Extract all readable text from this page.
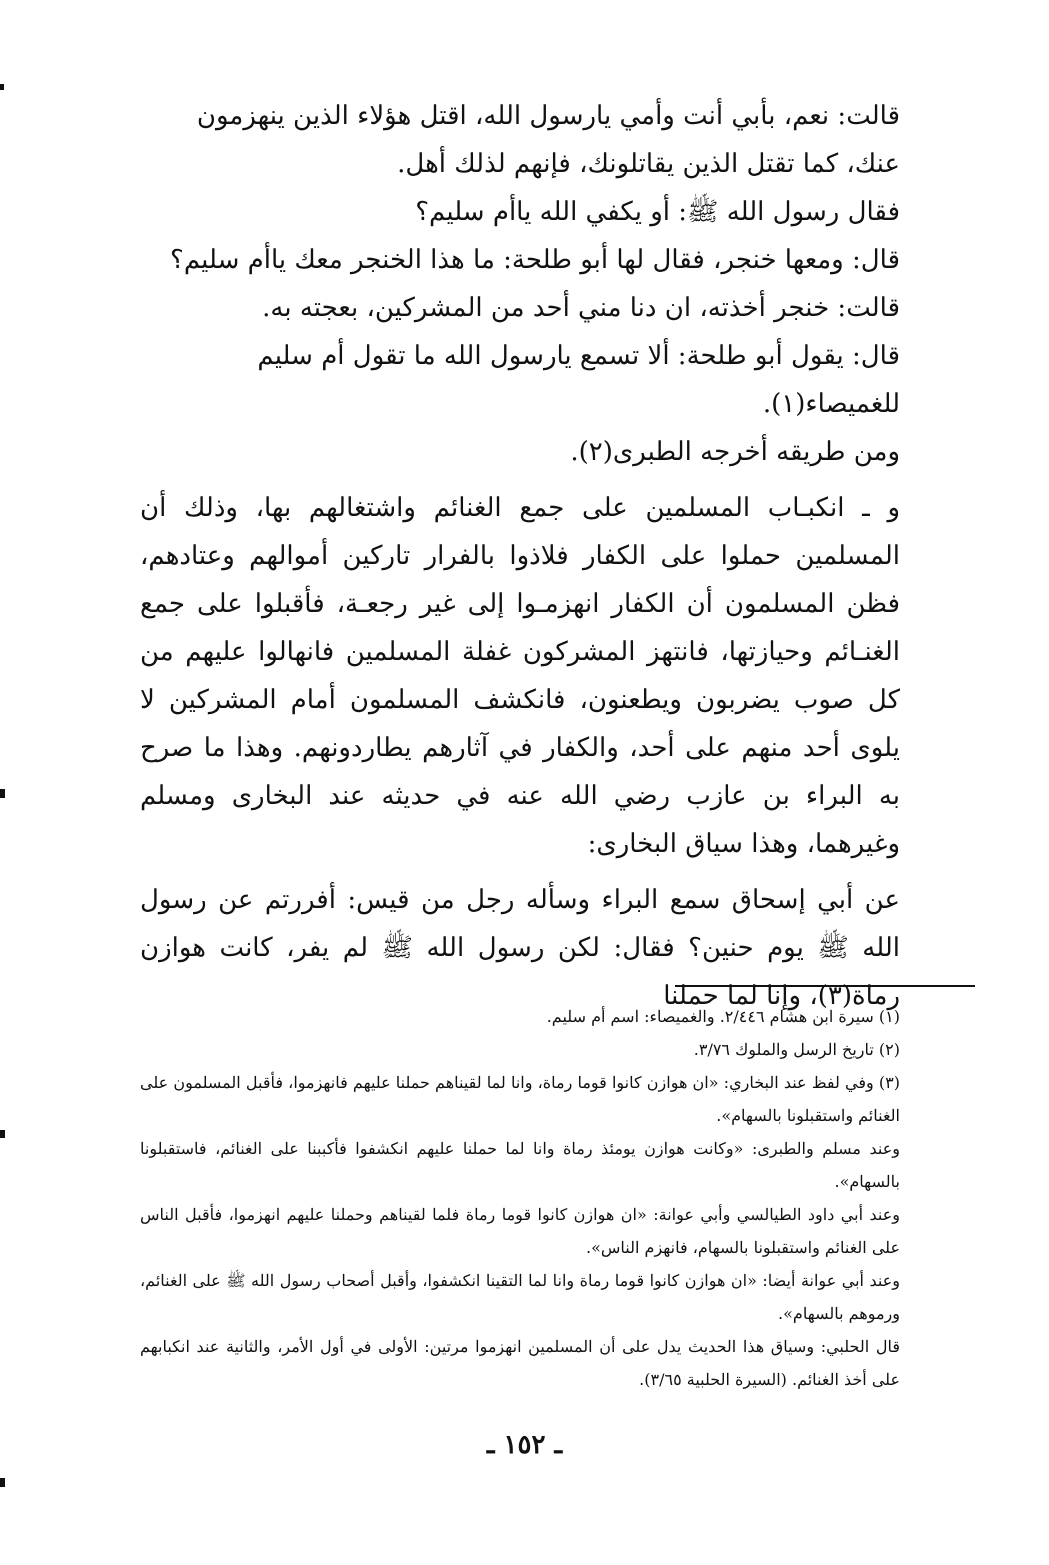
قالت: نعم، بأبي أنت وأمي يارسول الله، اقتل هؤلاء الذين ينهزمون عنك، كما تقتل الذين يقاتلونك، فإنهم لذلك أهل.

فقال رسول الله ﷺ: أو يكفي الله ياأم سليم؟

قال: ومعها خنجر، فقال لها أبو طلحة: ما هذا الخنجر معك ياأم سليم؟

قالت: خنجر أخذته، ان دنا مني أحد من المشركين، بعجته به.

قال: يقول أبو طلحة: ألا تسمع يارسول الله ما تقول أم سليم للغميصاء(١).

ومن طريقه أخرجه الطبرى(٢).

و ـ انكبـاب المسلمين على جمع الغنائم واشتغالهم بها، وذلك أن المسلمين حملوا على الكفار فلاذوا بالفرار تاركين أموالهم وعتادهم، فظن المسلمون أن الكفار انهزمـوا إلى غير رجعـة، فأقبلوا على جمع الغنـائم وحيازتها، فانتهز المشركون غفلة المسلمين فانهالوا عليهم من كل صوب يضربون ويطعنون، فانكشف المسلمون أمام المشركين لا يلوى أحد منهم على أحد، والكفار في آثارهم يطاردونهم. وهذا ما صرح به البراء بن عازب رضي الله عنه في حديثه عند البخارى ومسلم وغيرهما، وهذا سياق البخارى:

عن أبي إسحاق سمع البراء وسأله رجل من قيس: أفررتم عن رسول الله ﷺ يوم حنين؟ فقال: لكن رسول الله ﷺ لم يفر، كانت هوازن رماة(٣)، وإنا لما حملنا

(١) سيرة ابن هشام ٢/٤٤٦. والغميصاء: اسم أم سليم.

(٢) تاريخ الرسل والملوك ٣/٧٦.

(٣) وفي لفظ عند البخاري: «ان هوازن كانوا قوما رماة، وانا لما لقيناهم حملنا عليهم فانهزموا، فأقبل المسلمون على الغنائم واستقبلونا بالسهام».

وعند مسلم والطبرى: «وكانت هوازن يومئذ رماة وانا لما حملنا عليهم انكشفوا فأكببنا على الغنائم، فاستقبلونا بالسهام».

وعند أبي داود الطيالسي وأبي عوانة: «ان هوازن كانوا قوما رماة فلما لقيناهم وحملنا عليهم انهزموا، فأقبل الناس على الغنائم واستقبلونا بالسهام، فانهزم الناس».

وعند أبي عوانة أيضا: «ان هوازن كانوا قوما رماة وانا لما التقينا انكشفوا، وأقبل أصحاب رسول الله ﷺ على الغنائم، ورموهم بالسهام».

قال الحلبي: وسياق هذا الحديث يدل على أن المسلمين انهزموا مرتين: الأولى في أول الأمر، والثانية عند انكبابهم على أخذ الغنائم. (السيرة الحلبية ٣/٦٥).

ـ ١٥٢ ـ
